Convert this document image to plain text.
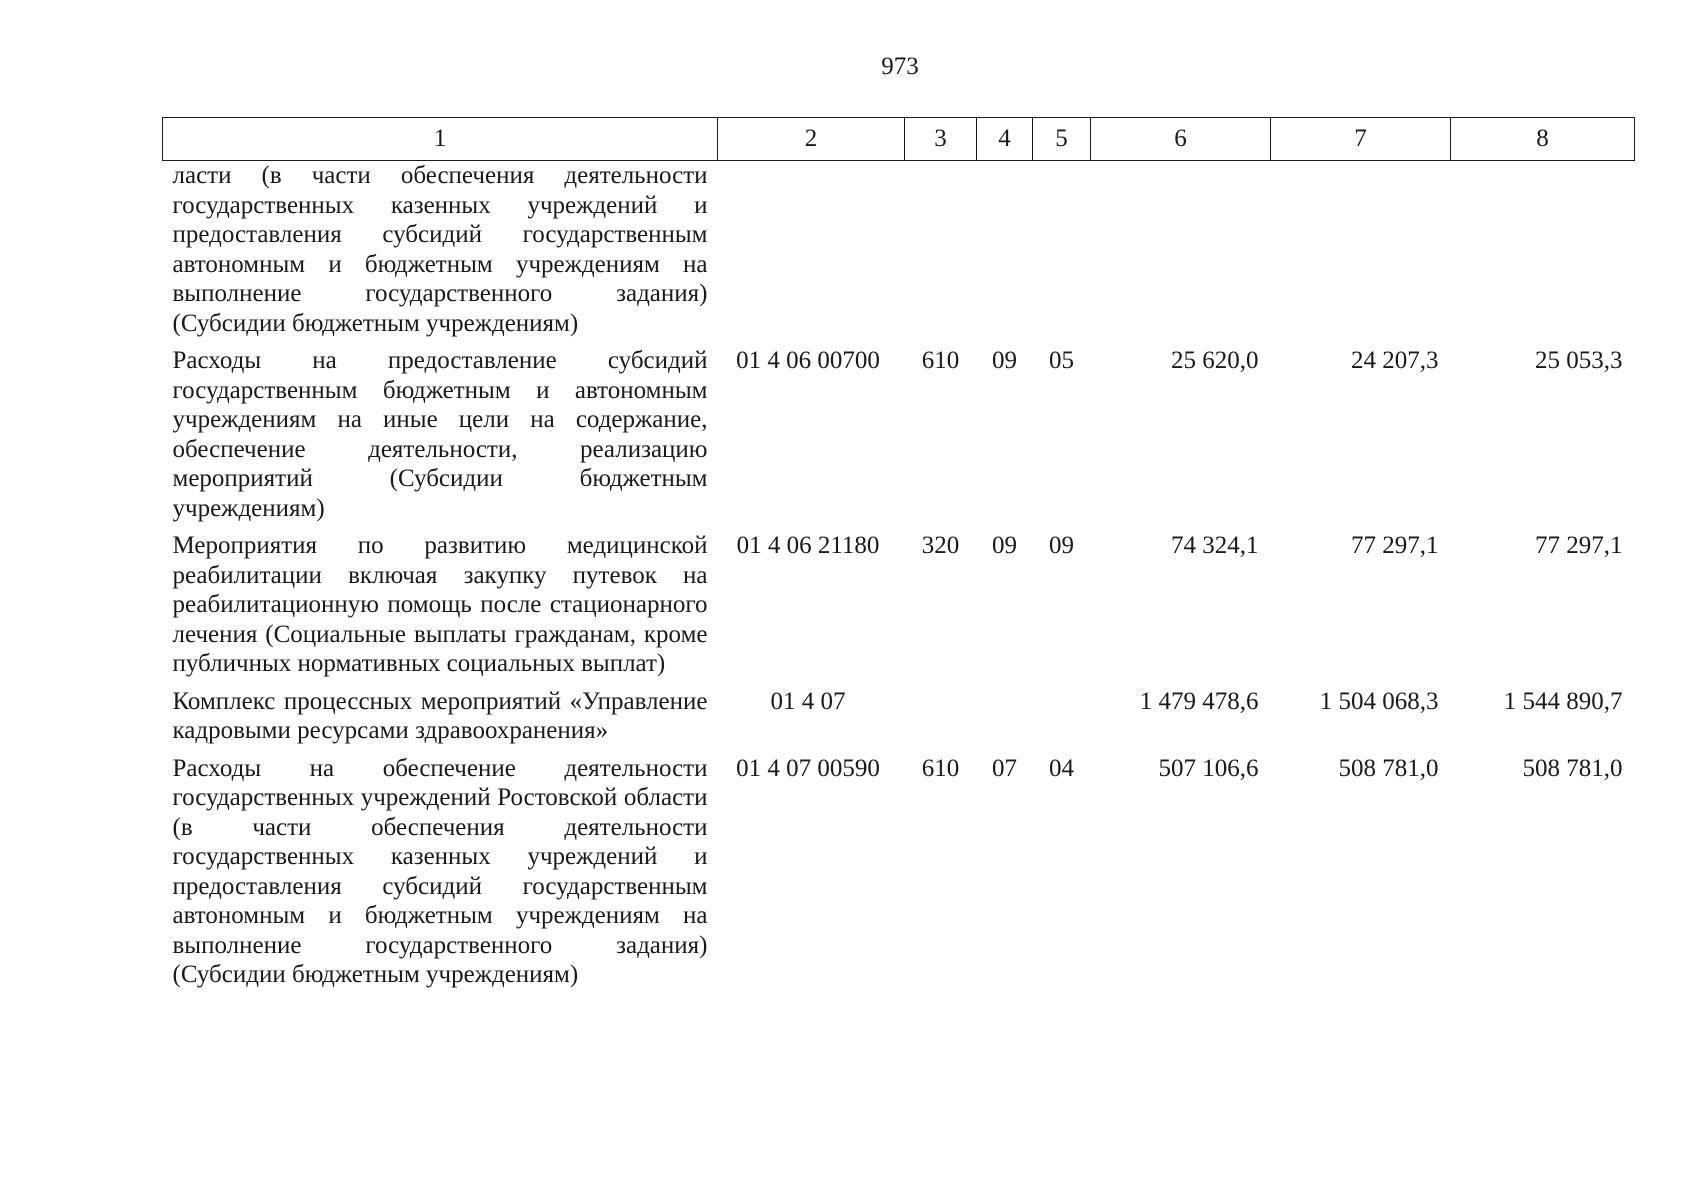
973
1	2	3	4	5	6	7	8
ласти (в части обеспечения деятельности государственных казенных учреждений и предоставления субсидий государственным автономным и бюджетным учреждениям на выполнение государственного задания) (Субсидии бюджетным учреждениям)							
Расходы на предоставление субсидий государственным бюджетным и автономным учреждениям на иные цели на содержание, обеспечение деятельности, реализацию мероприятий (Субсидии бюджетным учреждениям)	01 4 06 00700	610	09	05	25 620,0	24 207,3	25 053,3
Мероприятия по развитию медицинской реабилитации включая закупку путевок на реабилитационную помощь после стационарного лечения (Социальные выплаты гражданам, кроме публичных нормативных социальных выплат)	01 4 06 21180	320	09	09	74 324,1	77 297,1	77 297,1
Комплекс процессных мероприятий «Управление кадровыми ресурсами здравоохранения»	01 4 07				1 479 478,6	1 504 068,3	1 544 890,7
Расходы на обеспечение деятельности государственных учреждений Ростовской области (в части обеспечения деятельности государственных казенных учреждений и предоставления субсидий государственным автономным и бюджетным учреждениям на выполнение государственного задания) (Субсидии бюджетным учреждениям)	01 4 07 00590	610	07	04	507 106,6	508 781,0	508 781,0
